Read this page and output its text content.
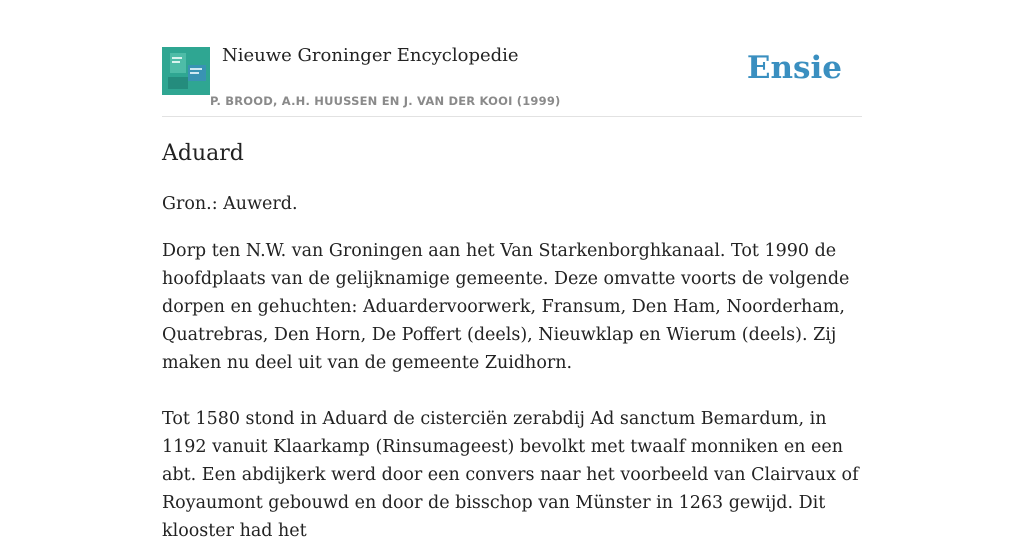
Nieuwe Groninger Encyclopedie
P. BROOD, A.H. HUUSSEN EN J. VAN DER KOOI (1999)
Ensie
Aduard

Gron.: Auwerd.

Dorp ten N.W. van Groningen aan het Van Starkenborghkanaal. Tot 1990 de hoofdplaats van de gelijknamige gemeente. Deze omvatte voorts de volgende dorpen en gehuchten: Aduardervoorwerk, Fransum, Den Ham, Noorderham, Quatrebras, Den Horn, De Poffert (deels), Nieuwklap en Wierum (deels). Zij maken nu deel uit van de gemeente Zuidhorn.

Tot 1580 stond in Aduard de cisterciën zerabdij Ad sanctum Bemardum, in 1192 vanuit Klaarkamp (Rinsumageest) bevolkt met twaalf monniken en een abt. Een abdijkerk werd door een convers naar het voorbeeld van Clairvaux of Royaumont gebouwd en door de bisschop van Münster in 1263 gewijd. Dit klooster had het
